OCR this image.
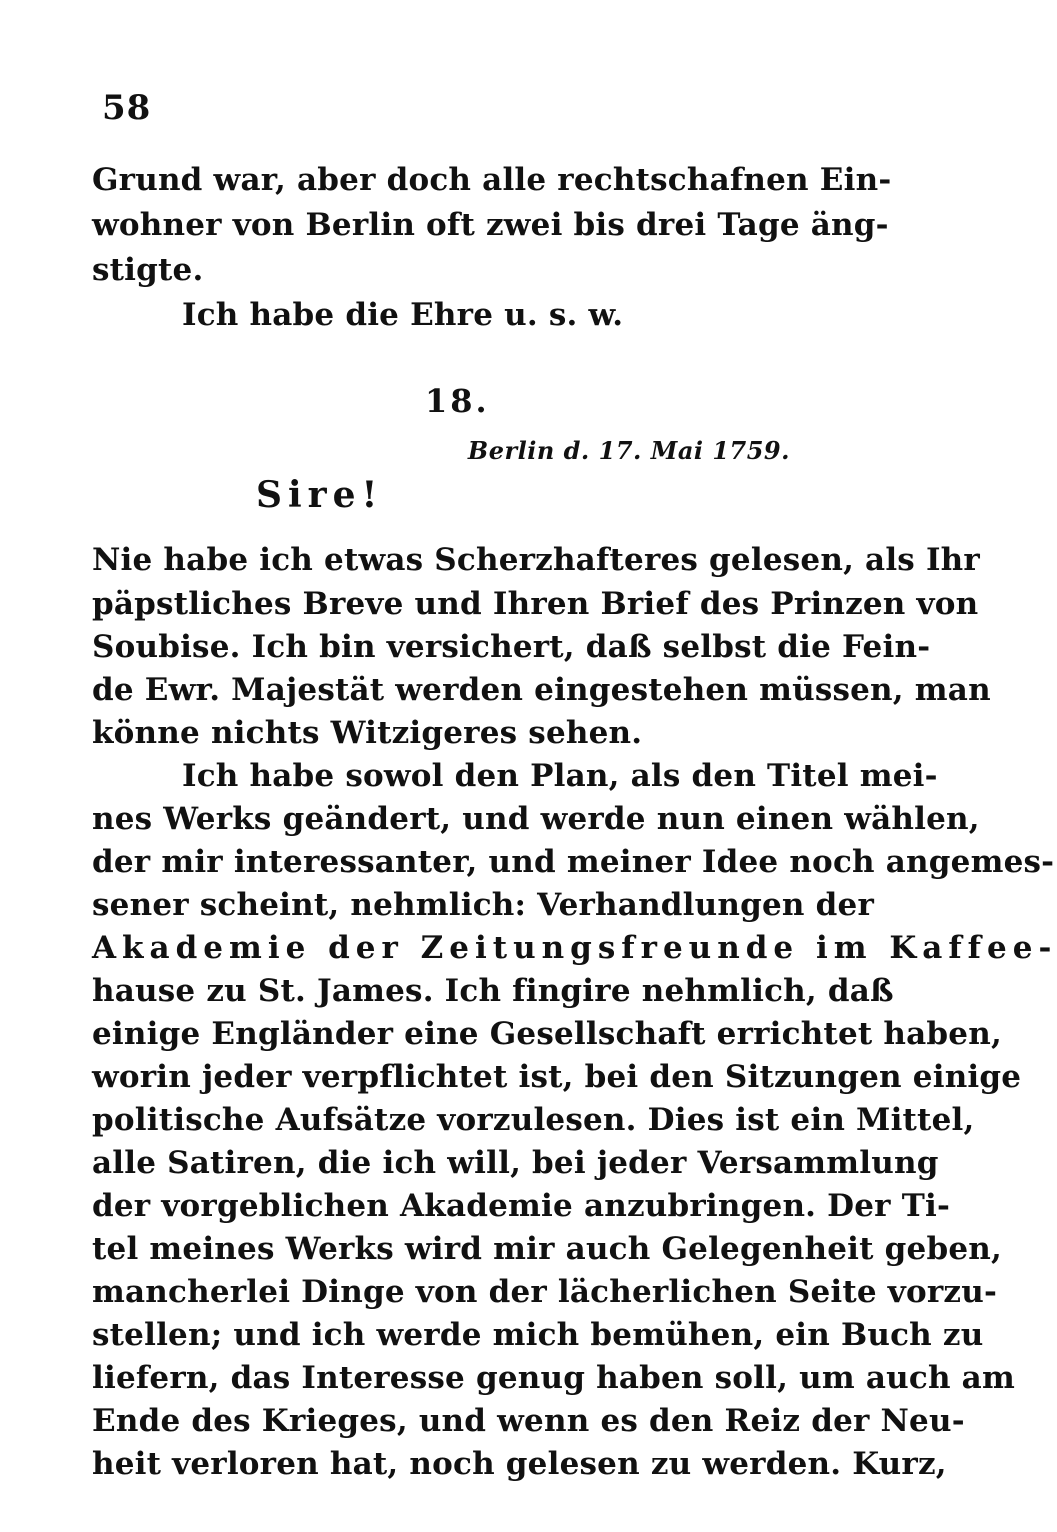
58
Grund war, aber doch alle rechtschafnen Ein-
wohner von Berlin oft zwei bis drei Tage äng-
stigte.
Ich habe die Ehre u. s. w.
18.
Berlin d. 17. Mai 1759.
Sire!
Nie habe ich etwas Scherzhafteres gelesen, als Ihr
päpstliches Breve und Ihren Brief des Prinzen von
Soubise. Ich bin versichert, daß selbst die Fein-
de Ewr. Majestät werden eingestehen müssen, man
könne nichts Witzigeres sehen.
Ich habe sowol den Plan, als den Titel mei-
nes Werks geändert, und werde nun einen wählen,
der mir interessanter, und meiner Idee noch angemes-
sener scheint, nehmlich: Verhandlungen der
Akademie der Zeitungsfreunde im Kaffee-
hause zu St. James. Ich fingire nehmlich, daß
einige Engländer eine Gesellschaft errichtet haben,
worin jeder verpflichtet ist, bei den Sitzungen einige
politische Aufsätze vorzulesen. Dies ist ein Mittel,
alle Satiren, die ich will, bei jeder Versammlung
der vorgeblichen Akademie anzubringen. Der Ti-
tel meines Werks wird mir auch Gelegenheit geben,
mancherlei Dinge von der lächerlichen Seite vorzu-
stellen; und ich werde mich bemühen, ein Buch zu
liefern, das Interesse genug haben soll, um auch am
Ende des Krieges, und wenn es den Reiz der Neu-
heit verloren hat, noch gelesen zu werden. Kurz,
